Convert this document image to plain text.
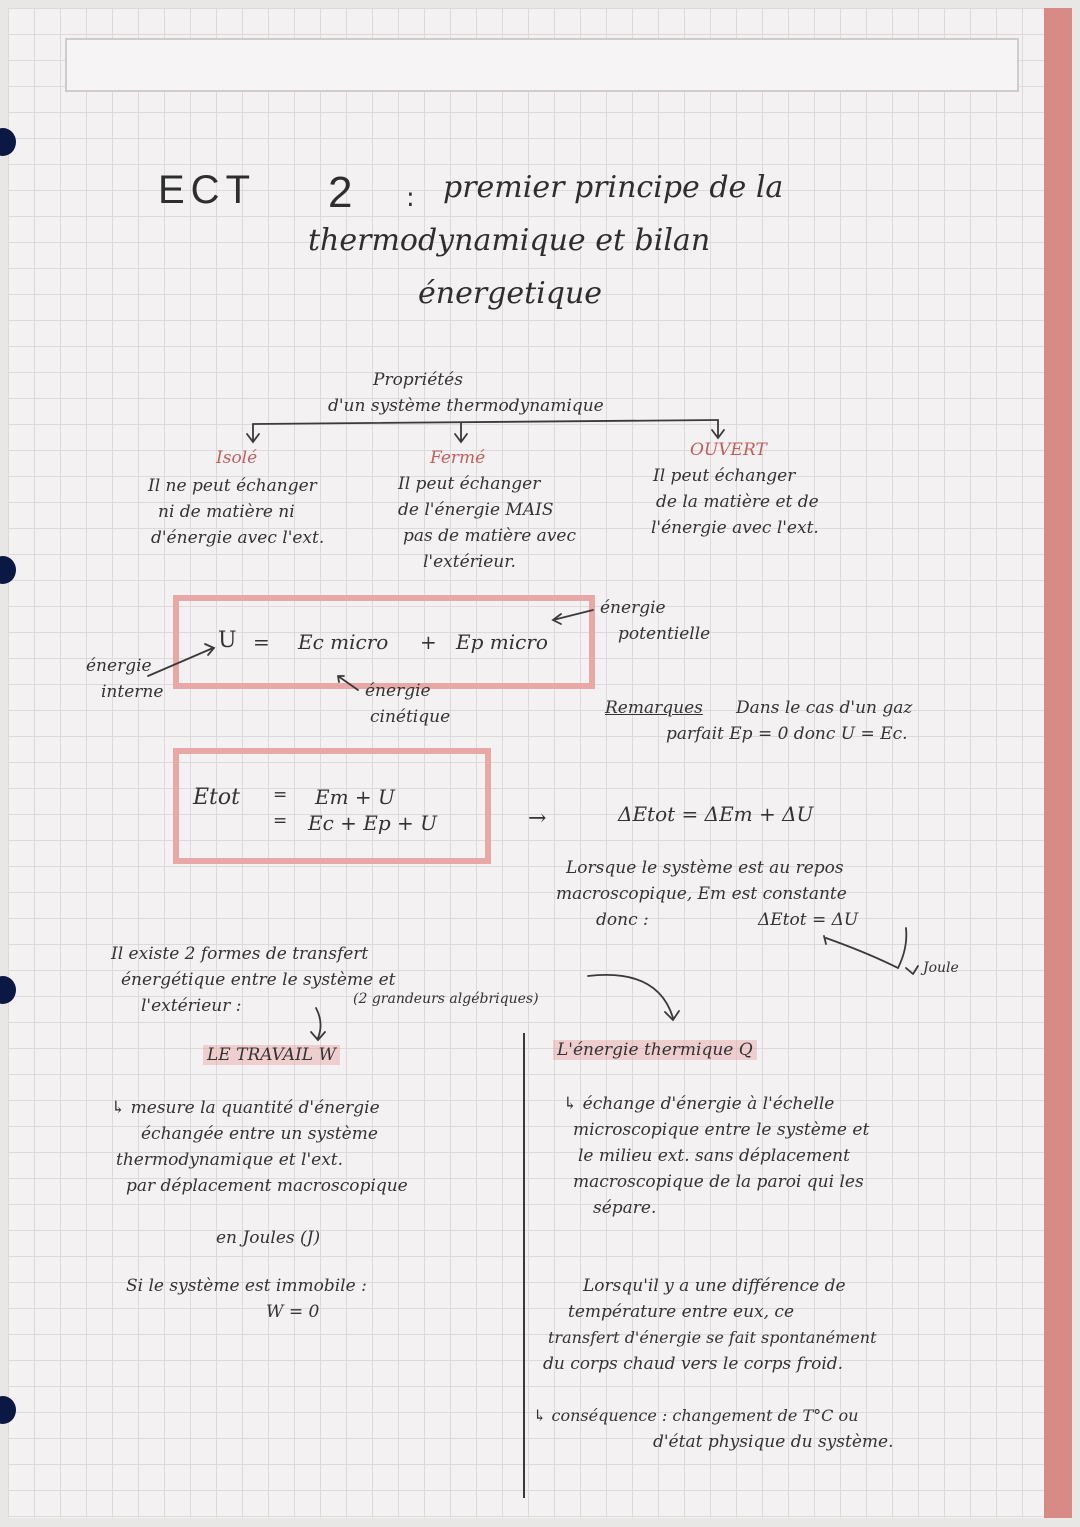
ECT 2 : premier principe de la
thermodynamique et bilan
énergetique
Propriétés
d'un système thermodynamique
Isolé
Il ne peut échanger
ni de matière ni
d'énergie avec l'ext.
Fermé
Il peut échanger
de l'énergie MAIS
pas de matière avec
l'extérieur.
OUVERT
Il peut échanger
de la matière et de
l'énergie avec l'ext.
U = Ec micro + Ep micro
énergie
interne
énergie
potentielle
énergie
cinétique	Remarques Dans le cas d'un gaz
parfait Ep = 0 donc U = Ec.
Etot =
=
Em + U
Ec + Ep + U	→	ΔEtot = ΔEm + ΔU
Lorsque le système est au repos
macroscopique, Em est constante
donc :	ΔEtot = ΔU
Joule
Il existe 2 formes de transfert
énergétique entre le système et
l'extérieur :	(2 grandeurs algébriques)
LE TRAVAIL W
↳ mesure la quantité d'énergie
échangée entre un système
thermodynamique et l'ext.
par déplacement macroscopique
en Joules (J)
Si le système est immobile :
W = 0
L'énergie thermique Q
↳ échange d'énergie à l'échelle
microscopique entre le système et
le milieu ext. sans déplacement
macroscopique de la paroi qui les
sépare.
Lorsqu'il y a une différence de
température entre eux, ce
transfert d'énergie se fait spontanément
du corps chaud vers le corps froid.
↳ conséquence : changement de T°C ou
d'état physique du système.
